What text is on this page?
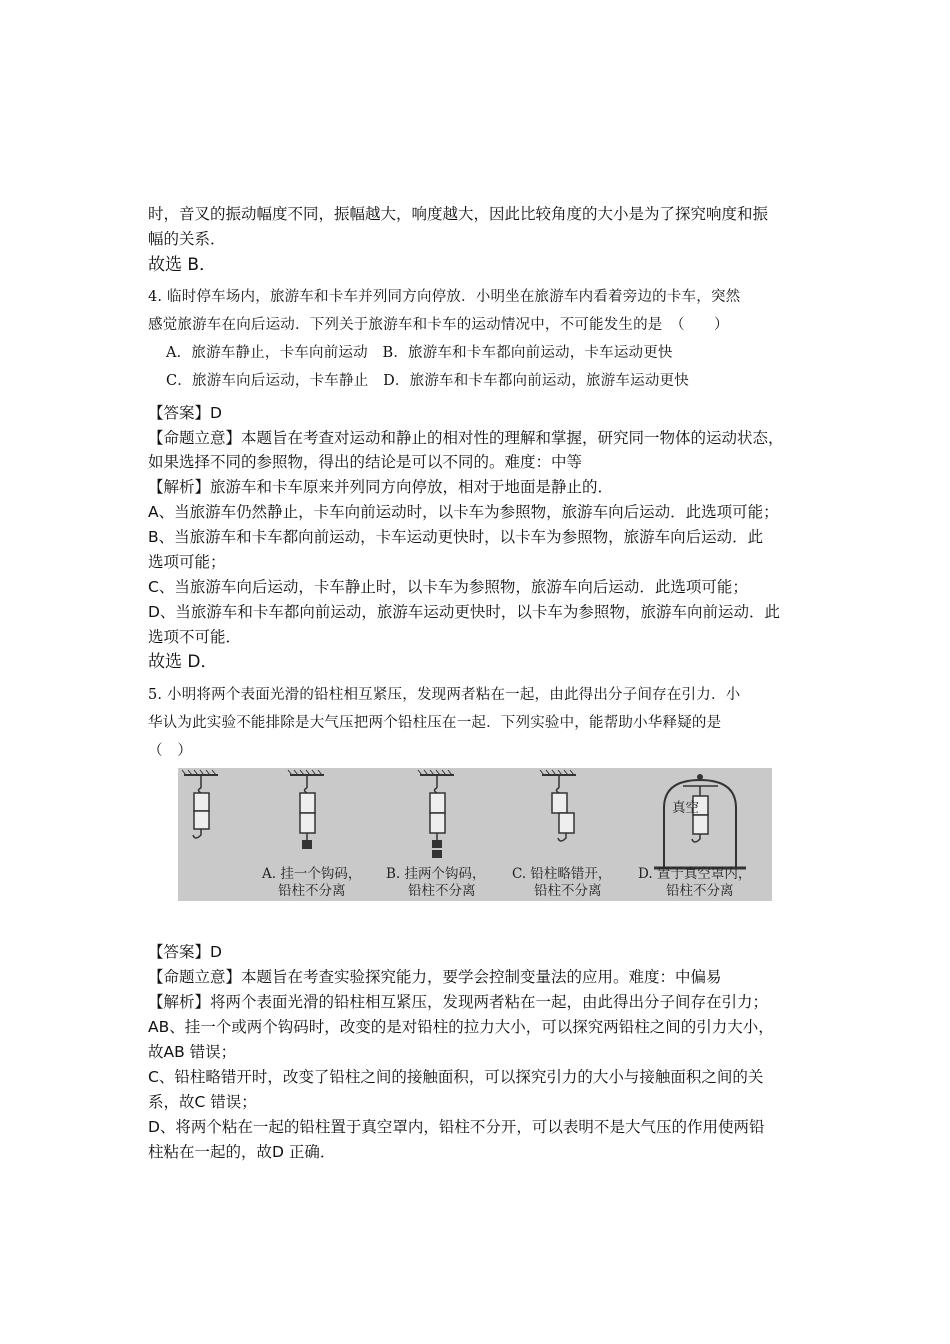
时，音叉的振动幅度不同，振幅越大，响度越大，因此比较角度的大小是为了探究响度和振
幅的关系．
故选 B．
4. 临时停车场内，旅游车和卡车并列同方向停放．小明坐在旅游车内看着旁边的卡车，突然
感觉旅游车在向后运动．下列关于旅游车和卡车的运动情况中，不可能发生的是　（　　）
A．旅游车静止，卡车向前运动　B．旅游车和卡车都向前运动，卡车运动更快
C．旅游车向后运动，卡车静止　D．旅游车和卡车都向前运动，旅游车运动更快
【答案】D
【命题立意】本题旨在考查对运动和静止的相对性的理解和掌握，研究同一物体的运动状态，
如果选择不同的参照物，得出的结论是可以不同的。难度：中等
【解析】旅游车和卡车原来并列同方向停放，相对于地面是静止的．
A、当旅游车仍然静止，卡车向前运动时，以卡车为参照物，旅游车向后运动．此选项可能；
B、当旅游车和卡车都向前运动，卡车运动更快时，以卡车为参照物，旅游车向后运动．此
选项可能；
C、当旅游车向后运动，卡车静止时，以卡车为参照物，旅游车向后运动．此选项可能；
D、当旅游车和卡车都向前运动，旅游车运动更快时，以卡车为参照物，旅游车向前运动．此
选项不可能．
故选 D．
5. 小明将两个表面光滑的铅柱相互紧压，发现两者粘在一起，由此得出分子间存在引力．小
华认为此实验不能排除是大气压把两个铅柱压在一起．下列实验中，能帮助小华释疑的是
（　）
真空
A. 挂一个钩码，
铅柱不分离
B. 挂两个钩码，
铅柱不分离
C. 铅柱略错开，
铅柱不分离
D. 置于真空罩内，
铅柱不分离
【答案】D
【命题立意】本题旨在考查实验探究能力，要学会控制变量法的应用。难度：中偏易
【解析】将两个表面光滑的铅柱相互紧压，发现两者粘在一起，由此得出分子间存在引力；
AB、挂一个或两个钩码时，改变的是对铅柱的拉力大小，可以探究两铅柱之间的引力大小，
故AB 错误；
C、铅柱略错开时，改变了铅柱之间的接触面积，可以探究引力的大小与接触面积之间的关
系，故C 错误；
D、将两个粘在一起的铅柱置于真空罩内，铅柱不分开，可以表明不是大气压的作用使两铅
柱粘在一起的，故D 正确．
